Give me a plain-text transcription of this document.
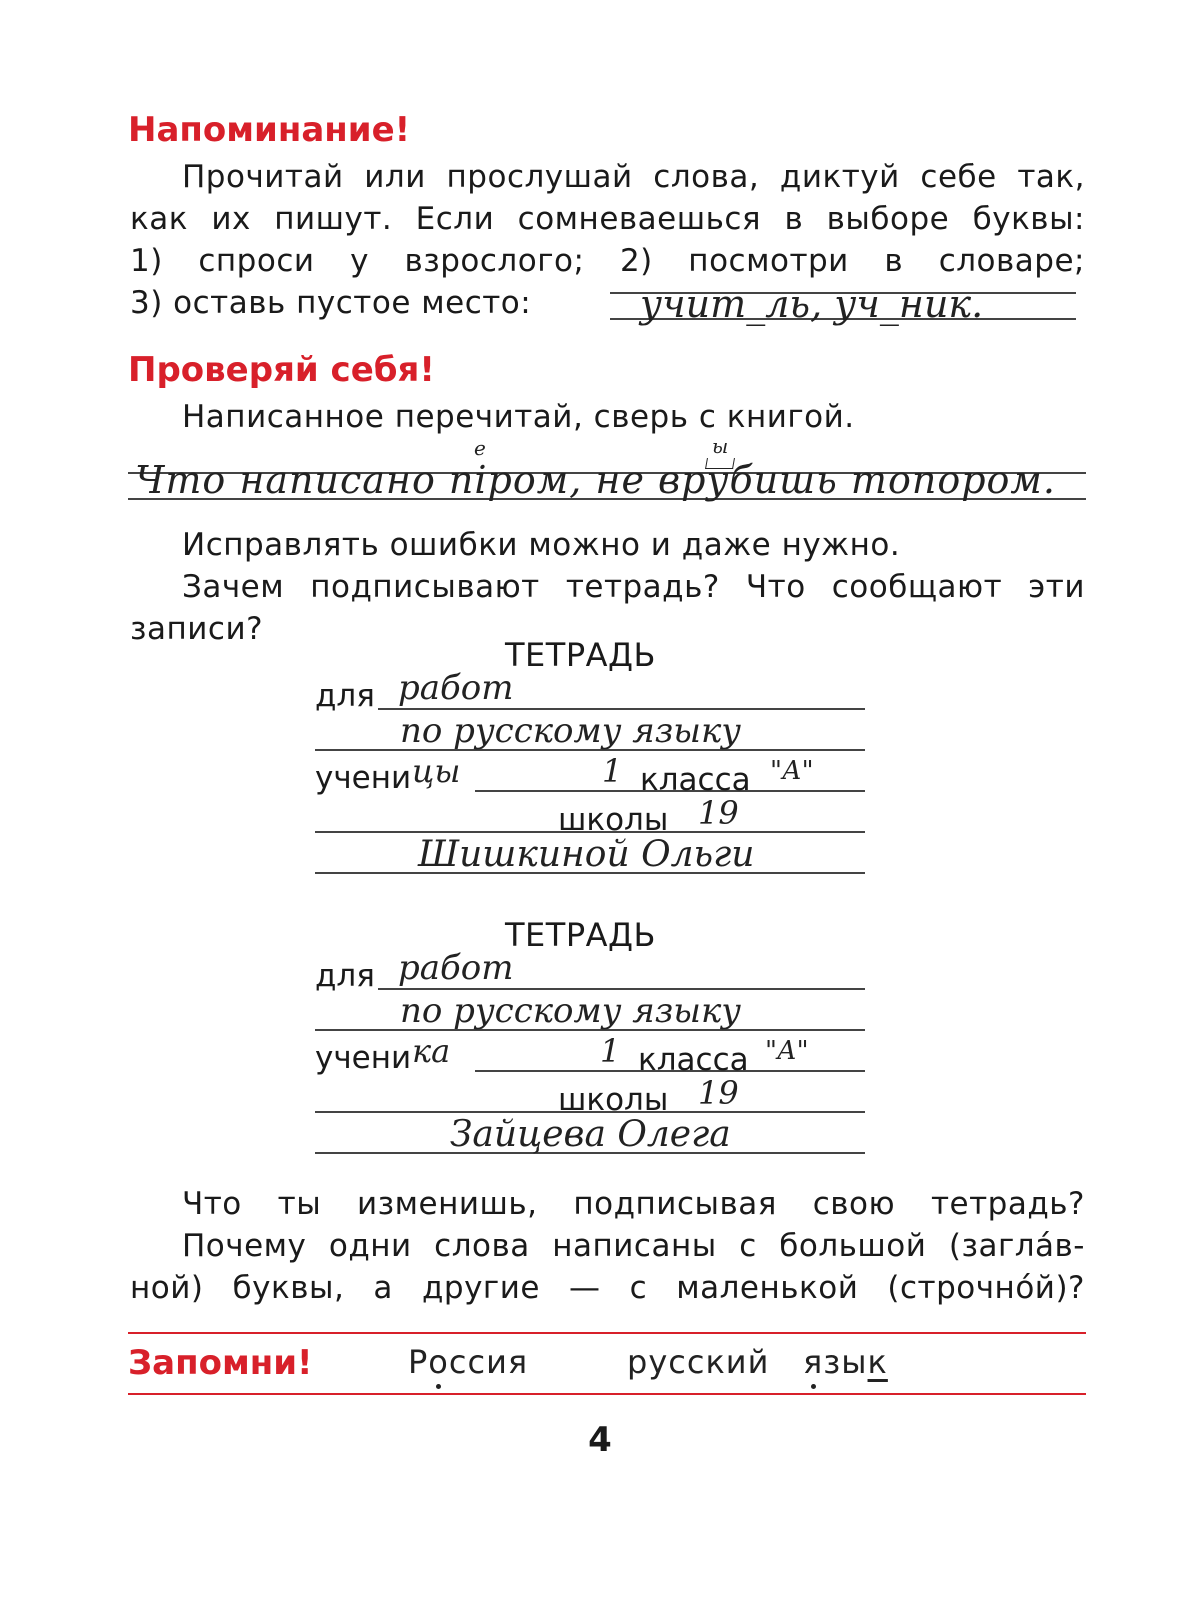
Напоминание!
Прочитай или прослушай слова, диктуй себе так,
как их пишут. Если сомневаешься в выборе буквы:
1) спроси у взрослого; 2) посмотри в словаре;
3) оставь пустое место:	учит_ль, уч_ник.
Проверяй себя!
Написанное перечитай, сверь с книгой.
Что написано пiром, не врубишь топором.
е	ы
Исправлять ошибки можно и даже нужно.
Зачем подписывают тетрадь? Что сообщают эти
записи?
ТЕТРАДЬ
для работ
по русскому языку
учени цы	1 класса "А"
школы 19
Шишкиной Ольги
ТЕТРАДЬ
для работ
по русскому языку
учени ка	1 класса "А"
школы 19
Зайцева Олега
Что ты изменишь, подписывая свою тетрадь?
Почему одни слова написаны с большой (заглáв-
ной) буквы, а другие — с маленькой (строчнóй)?
Запомни!	Россия	русский язык
4
